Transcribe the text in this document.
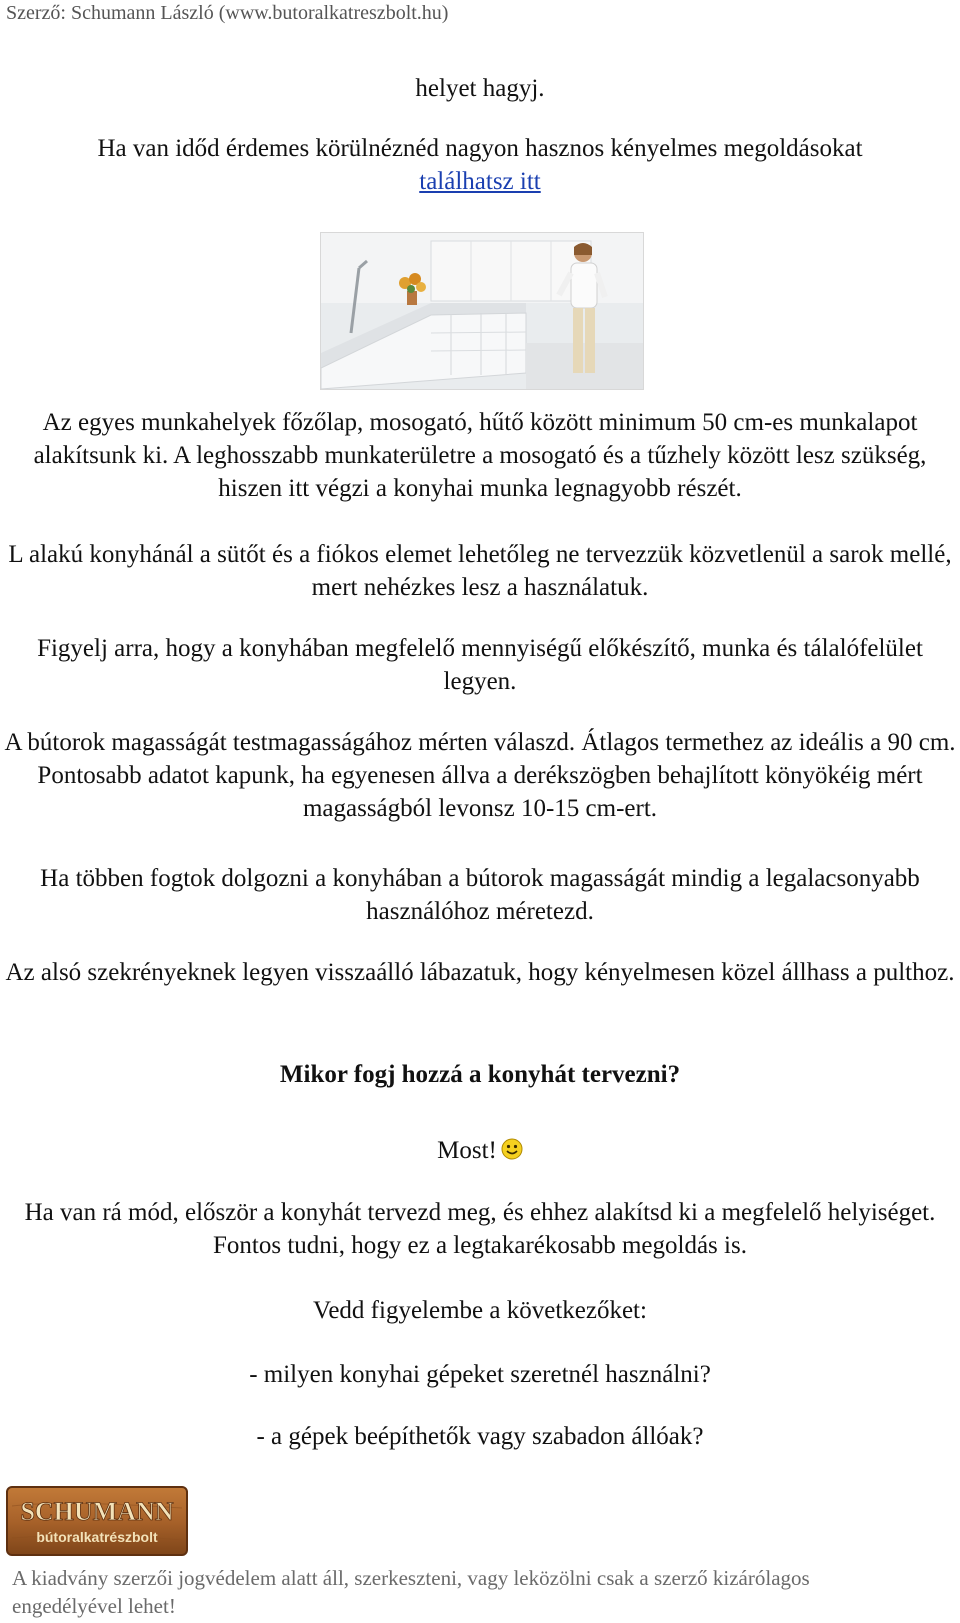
Szerző: Schumann László (www.butoralkatreszbolt.hu)
helyet hagyj.
Ha van időd érdemes körülnéznéd nagyon hasznos kényelmes megoldásokat
találhatsz itt
Az egyes munkahelyek főzőlap, mosogató, hűtő között minimum 50 cm-es munkalapot alakítsunk ki. A leghosszabb munkaterületre a mosogató és a tűzhely között lesz szükség, hiszen itt végzi a konyhai munka legnagyobb részét.
L alakú konyhánál a sütőt és a fiókos elemet lehetőleg ne tervezzük közvetlenül a sarok mellé, mert nehézkes lesz a használatuk.
Figyelj arra, hogy a konyhában megfelelő mennyiségű előkészítő, munka és tálalófelület legyen.
A bútorok magasságát testmagasságához mérten válaszd. Átlagos termethez az ideális a 90 cm. Pontosabb adatot kapunk, ha egyenesen állva a derékszögben behajlított könyökéig mért magasságból levonsz 10-15 cm-ert.
Ha többen fogtok dolgozni a konyhában a bútorok magasságát mindig a legalacsonyabb használóhoz méretezd.
Az alsó szekrényeknek legyen visszaálló lábazatuk, hogy kényelmesen közel állhass a pulthoz.
Mikor fogj hozzá a konyhát tervezni?
Most!
Ha van rá mód, először a konyhát tervezd meg, és ehhez alakítsd ki a megfelelő helyiséget. Fontos tudni, hogy ez a legtakarékosabb megoldás is.
Vedd figyelembe a következőket:
- milyen konyhai gépeket szeretnél használni?
- a gépek beépíthetők vagy szabadon állóak?
SCHUMANN
bútoralkatrészbolt
A kiadvány szerzői jogvédelem alatt áll, szerkeszteni, vagy leközölni csak a szerző kizárólagos engedélyével lehet!
